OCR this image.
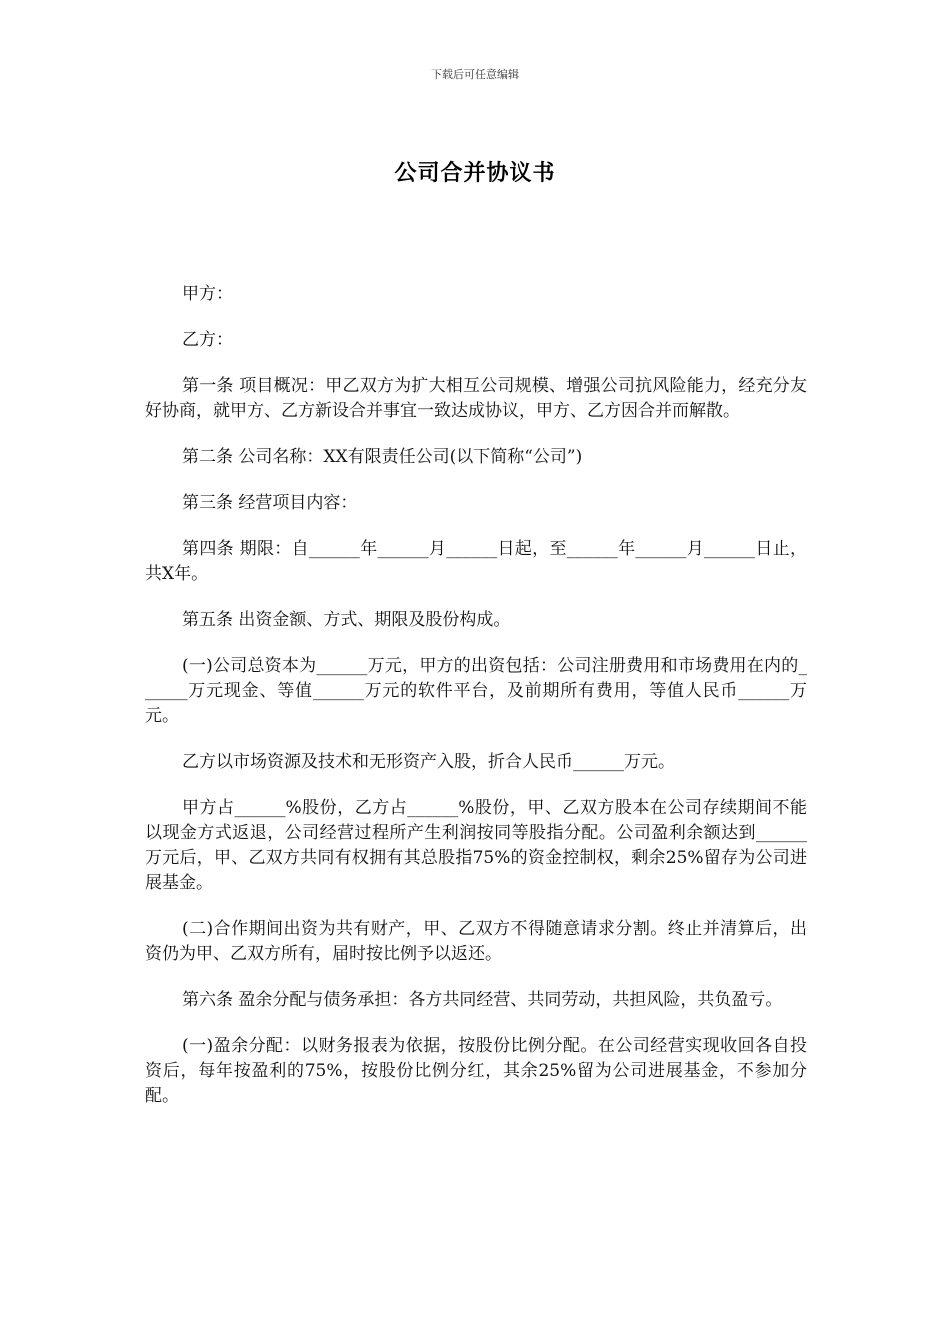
下载后可任意编辑
公司合并协议书

甲方：

乙方：

第一条 项目概况：甲乙双方为扩大相互公司规模、增强公司抗风险能力，经充分友好协商，就甲方、乙方新设合并事宜一致达成协议，甲方、乙方因合并而解散。

第二条 公司名称：XX有限责任公司(以下简称“公司”)

第三条 经营项目内容：

第四条 期限：自______年______月______日起，至______年______月______日止，共X年。

第五条 出资金额、方式、期限及股份构成。

(一)公司总资本为______万元，甲方的出资包括：公司注册费用和市场费用在内的______万元现金、等值______万元的软件平台，及前期所有费用，等值人民币______万元。

乙方以市场资源及技术和无形资产入股，折合人民币______万元。

甲方占______%股份，乙方占______%股份，甲、乙双方股本在公司存续期间不能以现金方式返退，公司经营过程所产生利润按同等股指分配。公司盈利余额达到______万元后，甲、乙双方共同有权拥有其总股指75%的资金控制权，剩余25%留存为公司进展基金。

(二)合作期间出资为共有财产，甲、乙双方不得随意请求分割。终止并清算后，出资仍为甲、乙双方所有，届时按比例予以返还。

第六条 盈余分配与债务承担：各方共同经营、共同劳动，共担风险，共负盈亏。

(一)盈余分配：以财务报表为依据，按股份比例分配。在公司经营实现收回各自投资后，每年按盈利的75%，按股份比例分红，其余25%留为公司进展基金，不参加分配。
